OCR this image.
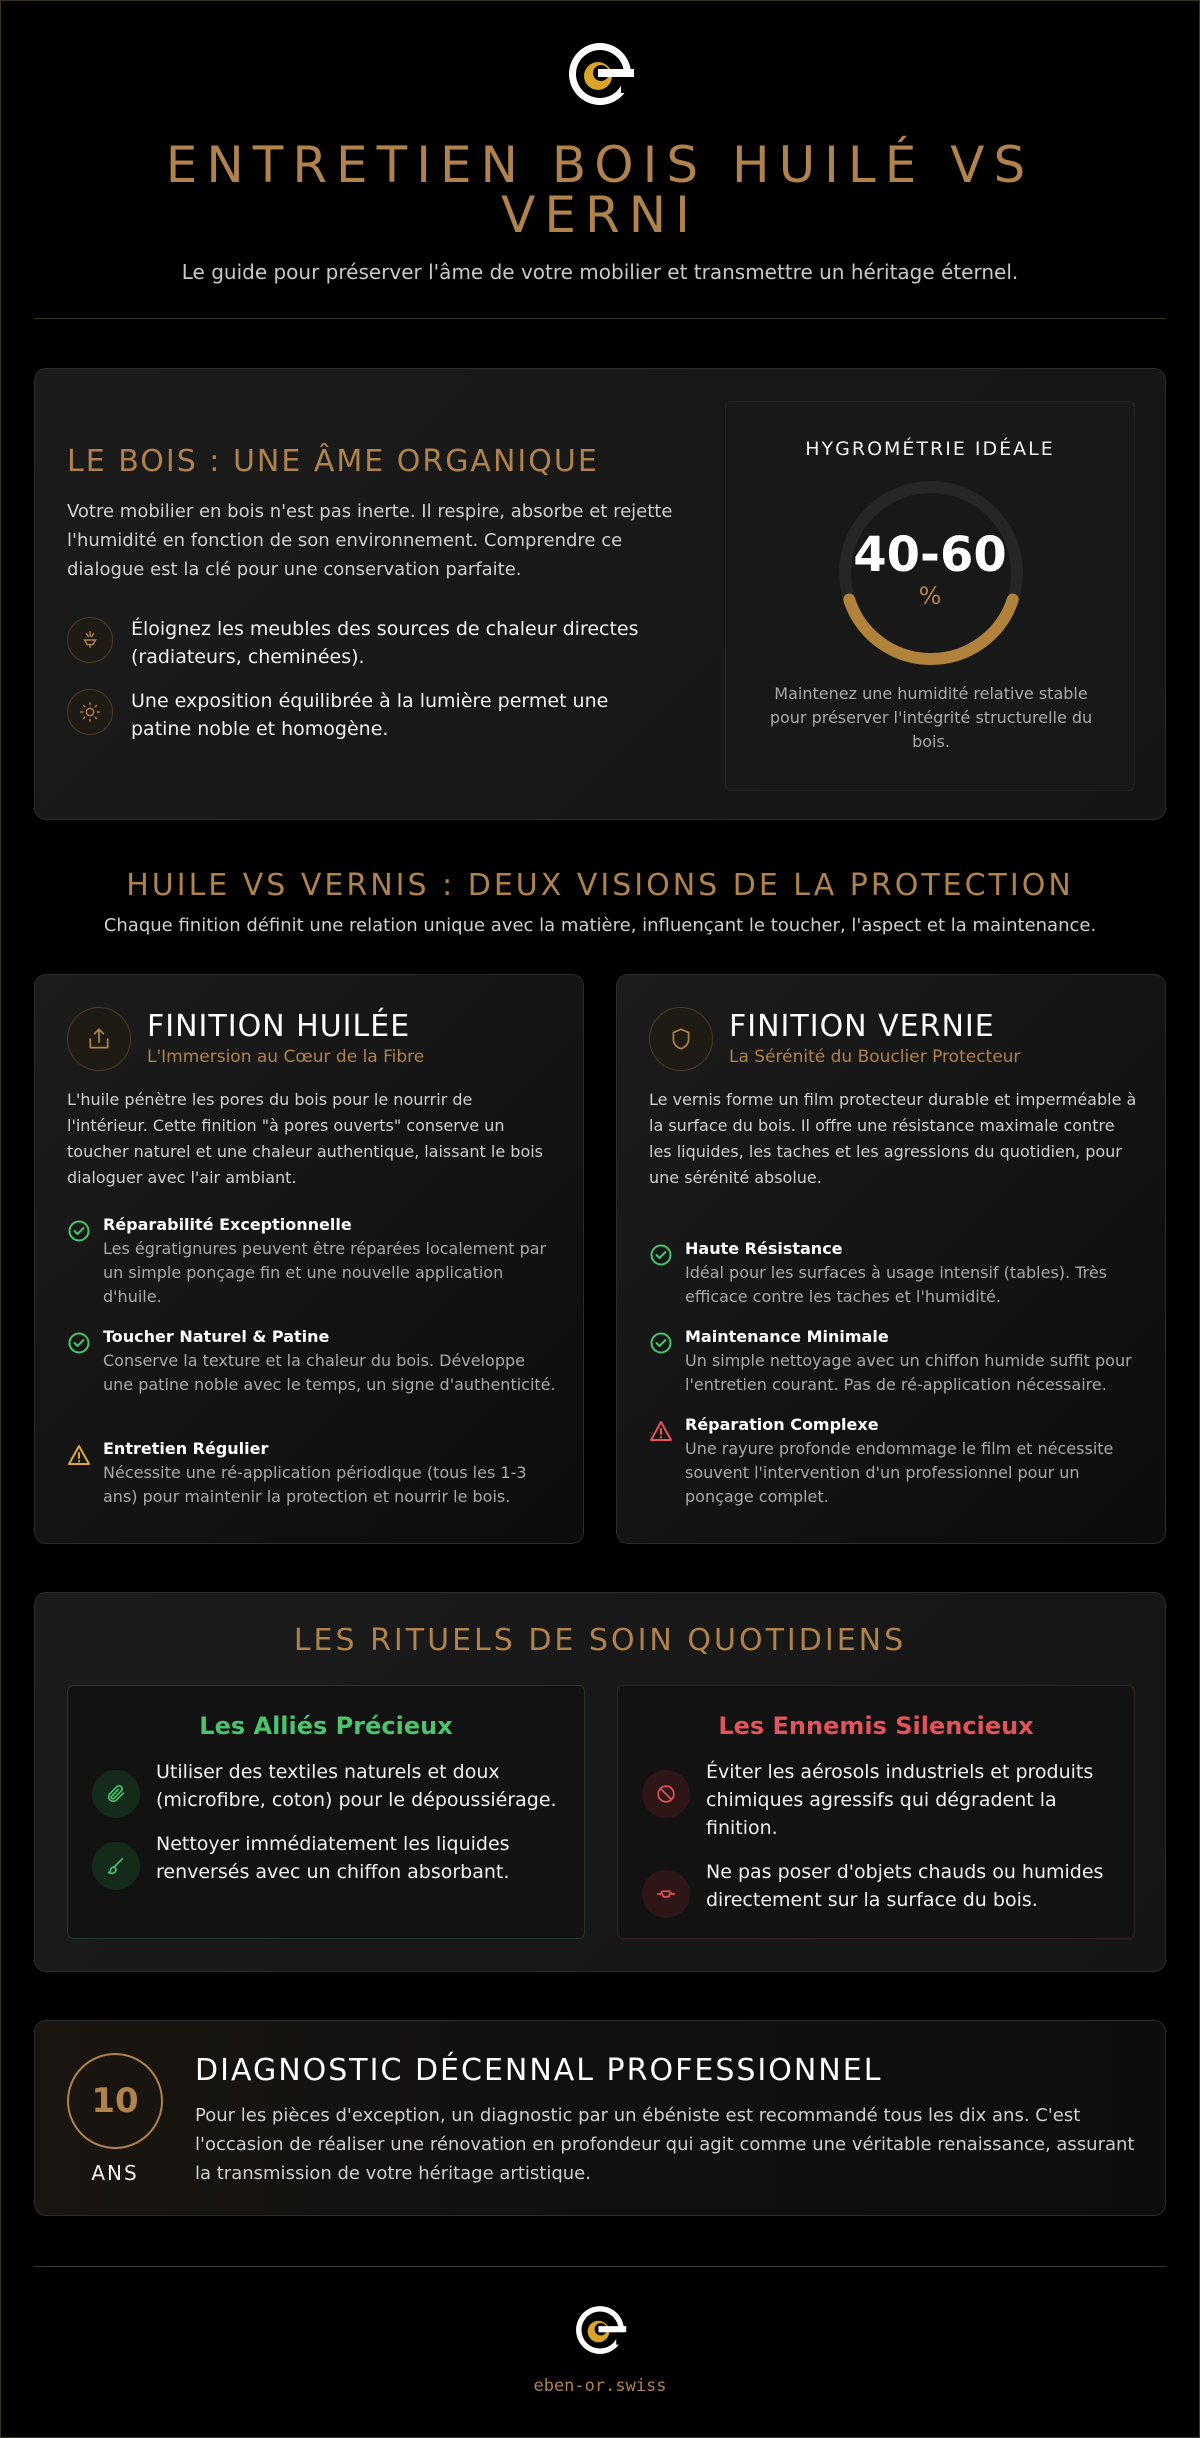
ENTRETIEN BOIS HUILÉ VS VERNI
Le guide pour préserver l'âme de votre mobilier et transmettre un héritage éternel.
LE BOIS : UNE ÂME ORGANIQUE
Votre mobilier en bois n'est pas inerte. Il respire, absorbe et rejette l'humidité en fonction de son environnement. Comprendre ce dialogue est la clé pour une conservation parfaite.
Éloignez les meubles des sources de chaleur directes (radiateurs, cheminées).
Une exposition équilibrée à la lumière permet une patine noble et homogène.
HYGROMÉTRIE IDÉALE
40-60
%
Maintenez une humidité relative stable pour préserver l'intégrité structurelle du bois.
HUILE VS VERNIS : DEUX VISIONS DE LA PROTECTION
Chaque finition définit une relation unique avec la matière, influençant le toucher, l'aspect et la maintenance.
FINITION HUILÉE
L'Immersion au Cœur de la Fibre
L'huile pénètre les pores du bois pour le nourrir de l'intérieur. Cette finition "à pores ouverts" conserve un toucher naturel et une chaleur authentique, laissant le bois dialoguer avec l'air ambiant.
Réparabilité Exceptionnelle
Les égratignures peuvent être réparées localement par un simple ponçage fin et une nouvelle application d'huile.
Toucher Naturel & Patine
Conserve la texture et la chaleur du bois. Développe une patine noble avec le temps, un signe d'authenticité.
Entretien Régulier
Nécessite une ré-application périodique (tous les 1-3 ans) pour maintenir la protection et nourrir le bois.
FINITION VERNIE
La Sérénité du Bouclier Protecteur
Le vernis forme un film protecteur durable et imperméable à la surface du bois. Il offre une résistance maximale contre les liquides, les taches et les agressions du quotidien, pour une sérénité absolue.
Haute Résistance
Idéal pour les surfaces à usage intensif (tables). Très efficace contre les taches et l'humidité.
Maintenance Minimale
Un simple nettoyage avec un chiffon humide suffit pour l'entretien courant. Pas de ré-application nécessaire.
Réparation Complexe
Une rayure profonde endommage le film et nécessite souvent l'intervention d'un professionnel pour un ponçage complet.
LES RITUELS DE SOIN QUOTIDIENS
Les Alliés Précieux
Utiliser des textiles naturels et doux (microfibre, coton) pour le dépoussiérage.
Nettoyer immédiatement les liquides renversés avec un chiffon absorbant.
Les Ennemis Silencieux
Éviter les aérosols industriels et produits chimiques agressifs qui dégradent la finition.
Ne pas poser d'objets chauds ou humides directement sur la surface du bois.
10
ANS
DIAGNOSTIC DÉCENNAL PROFESSIONNEL
Pour les pièces d'exception, un diagnostic par un ébéniste est recommandé tous les dix ans. C'est l'occasion de réaliser une rénovation en profondeur qui agit comme une véritable renaissance, assurant la transmission de votre héritage artistique.
eben-or.swiss
